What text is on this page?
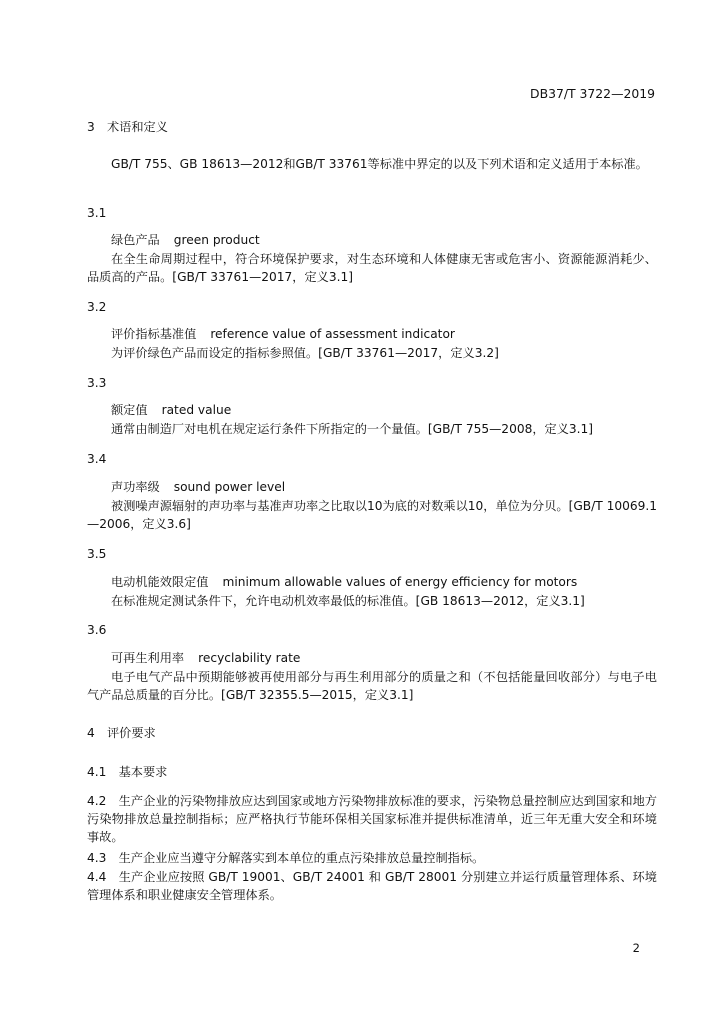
DB37/T 3722—2019
3　术语和定义
GB/T 755、GB 18613—2012和GB/T 33761等标准中界定的以及下列术语和定义适用于本标准。
3.1
绿色产品 green product
在全生命周期过程中，符合环境保护要求，对生态环境和人体健康无害或危害小、资源能源消耗少、品质高的产品。[GB/T 33761—2017，定义3.1]
3.2
评价指标基准值 reference value of assessment indicator
为评价绿色产品而设定的指标参照值。[GB/T 33761—2017，定义3.2]
3.3
额定值 rated value
通常由制造厂对电机在规定运行条件下所指定的一个量值。[GB/T 755—2008，定义3.1]
3.4
声功率级 sound power level
被测噪声源辐射的声功率与基准声功率之比取以10为底的对数乘以10，单位为分贝。[GB/T 10069.1—2006，定义3.6]
3.5
电动机能效限定值 minimum allowable values of energy efficiency for motors
在标准规定测试条件下，允许电动机效率最低的标准值。[GB 18613—2012，定义3.1]
3.6
可再生利用率 recyclability rate
电子电气产品中预期能够被再使用部分与再生利用部分的质量之和（不包括能量回收部分）与电子电气产品总质量的百分比。[GB/T 32355.5—2015，定义3.1]
4　评价要求
4.1　基本要求
4.2　生产企业的污染物排放应达到国家或地方污染物排放标准的要求，污染物总量控制应达到国家和地方污染物排放总量控制指标；应严格执行节能环保相关国家标准并提供标准清单，近三年无重大安全和环境事故。
4.3　生产企业应当遵守分解落实到本单位的重点污染排放总量控制指标。
4.4　生产企业应按照 GB/T 19001、GB/T 24001 和 GB/T 28001 分别建立并运行质量管理体系、环境管理体系和职业健康安全管理体系。
2
